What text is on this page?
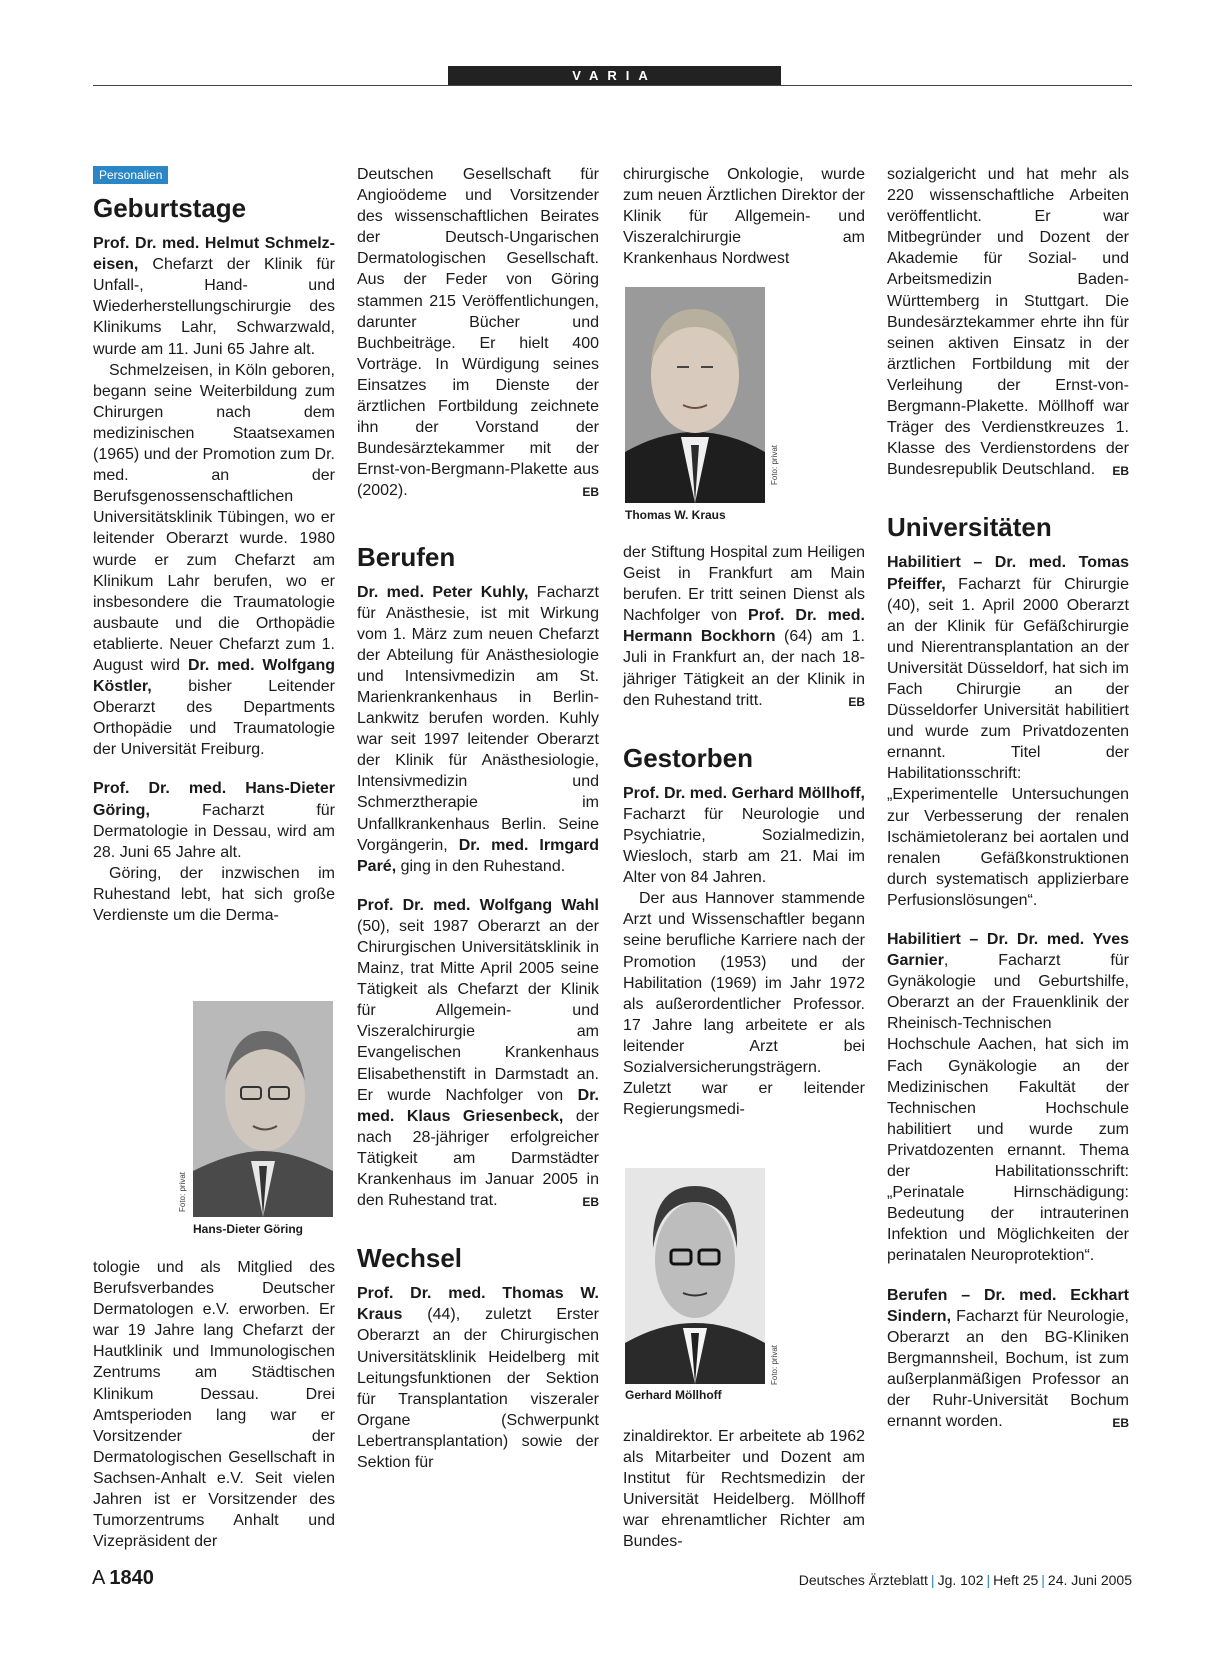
VARIA
Personalien
Geburtstage

Prof. Dr. med. Helmut Schmelz-eisen, Chefarzt der Klinik für Unfall-, Hand- und Wiederherstellungschirurgie des Klinikums Lahr, Schwarzwald, wurde am 11. Juni 65 Jahre alt.

Schmelzeisen, in Köln geboren, begann seine Weiterbildung zum Chirurgen nach dem medizinischen Staatsexamen (1965) und der Promotion zum Dr. med. an der Berufsgenossenschaftlichen Universitätsklinik Tübingen, wo er leitender Oberarzt wurde. 1980 wurde er zum Chefarzt am Klinikum Lahr berufen, wo er insbesondere die Traumatologie ausbaute und die Orthopädie etablierte. Neuer Chefarzt zum 1. August wird Dr. med. Wolfgang Köstler, bisher Leitender Oberarzt des Departments Orthopädie und Traumatologie der Universität Freiburg.

Prof. Dr. med. Hans-Dieter Göring, Facharzt für Dermatologie in Dessau, wird am 28. Juni 65 Jahre alt.

Göring, der inzwischen im Ruhestand lebt, hat sich große Verdienste um die Derma-

Foto: privat
Hans-Dieter Göring

tologie und als Mitglied des Berufsverbandes Deutscher Dermatologen e.V. erworben. Er war 19 Jahre lang Chefarzt der Hautklinik und Immunologischen Zentrums am Städtischen Klinikum Dessau. Drei Amtsperioden lang war er Vorsitzender der Dermatologischen Gesellschaft in Sachsen-Anhalt e.V. Seit vielen Jahren ist er Vorsitzender des Tumorzentrums Anhalt und Vizepräsident der

Deutschen Gesellschaft für Angioödeme und Vorsitzender des wissenschaftlichen Beirates der Deutsch-Ungarischen Dermatologischen Gesellschaft. Aus der Feder von Göring stammen 215 Veröffentlichungen, darunter Bücher und Buchbeiträge. Er hielt 400 Vorträge. In Würdigung seines Einsatzes im Dienste der ärztlichen Fortbildung zeichnete ihn der Vorstand der Bundesärztekammer mit der Ernst-von-Bergmann-Plakette aus (2002).	EB

Berufen

Dr. med. Peter Kuhly, Facharzt für Anästhesie, ist mit Wirkung vom 1. März zum neuen Chefarzt der Abteilung für Anästhesiologie und Intensivmedizin am St. Marienkrankenhaus in Berlin-Lankwitz berufen worden. Kuhly war seit 1997 leitender Oberarzt der Klinik für Anästhesiologie, Intensivmedizin und Schmerztherapie im Unfallkrankenhaus Berlin. Seine Vorgängerin, Dr. med. Irmgard Paré, ging in den Ruhestand.

Prof. Dr. med. Wolfgang Wahl (50), seit 1987 Oberarzt an der Chirurgischen Universitätsklinik in Mainz, trat Mitte April 2005 seine Tätigkeit als Chefarzt der Klinik für Allgemein- und Viszeralchirurgie am Evangelischen Krankenhaus Elisabethenstift in Darmstadt an. Er wurde Nachfolger von Dr. med. Klaus Griesenbeck, der nach 28-jähriger erfolgreicher Tätigkeit am Darmstädter Krankenhaus im Januar 2005 in den Ruhestand trat.	EB

Wechsel

Prof. Dr. med. Thomas W. Kraus (44), zuletzt Erster Oberarzt an der Chirurgischen Universitätsklinik Heidelberg mit Leitungsfunktionen der Sektion für Transplantation viszeraler Organe (Schwerpunkt Lebertransplantation) sowie der Sektion für

chirurgische Onkologie, wurde zum neuen Ärztlichen Direktor der Klinik für Allgemein- und Viszeralchirurgie am Krankenhaus Nordwest

Foto: privat
Thomas W. Kraus

der Stiftung Hospital zum Heiligen Geist in Frankfurt am Main berufen. Er tritt seinen Dienst als Nachfolger von Prof. Dr. med. Hermann Bockhorn (64) am 1. Juli in Frankfurt an, der nach 18-jähriger Tätigkeit an der Klinik in den Ruhestand tritt.	EB

Gestorben

Prof. Dr. med. Gerhard Möllhoff, Facharzt für Neurologie und Psychiatrie, Sozialmedizin, Wiesloch, starb am 21. Mai im Alter von 84 Jahren.

Der aus Hannover stammende Arzt und Wissenschaftler begann seine berufliche Karriere nach der Promotion (1953) und der Habilitation (1969) im Jahr 1972 als außerordentlicher Professor. 17 Jahre lang arbeitete er als leitender Arzt bei Sozialversicherungsträgern. Zuletzt war er leitender Regierungsmedi-

Foto: privat
Gerhard Möllhoff

zinaldirektor. Er arbeitete ab 1962 als Mitarbeiter und Dozent am Institut für Rechtsmedizin der Universität Heidelberg. Möllhoff war ehrenamtlicher Richter am Bundes-

sozialgericht und hat mehr als 220 wissenschaftliche Arbeiten veröffentlicht. Er war Mitbegründer und Dozent der Akademie für Sozial- und Arbeitsmedizin Baden-Württemberg in Stuttgart. Die Bundesärztekammer ehrte ihn für seinen aktiven Einsatz in der ärztlichen Fortbildung mit der Verleihung der Ernst-von-Bergmann-Plakette. Möllhoff war Träger des Verdienstkreuzes 1. Klasse des Verdienstordens der Bundesrepublik Deutschland. EB

Universitäten

Habilitiert – Dr. med. Tomas Pfeiffer, Facharzt für Chirurgie (40), seit 1. April 2000 Oberarzt an der Klinik für Gefäßchirurgie und Nierentransplantation an der Universität Düsseldorf, hat sich im Fach Chirurgie an der Düsseldorfer Universität habilitiert und wurde zum Privatdozenten ernannt. Titel der Habilitationsschrift: „Experimentelle Untersuchungen zur Verbesserung der renalen Ischämietoleranz bei aortalen und renalen Gefäßkonstruktionen durch systematisch applizierbare Perfusionslösungen“.

Habilitiert – Dr. Dr. med. Yves Garnier, Facharzt für Gynäkologie und Geburtshilfe, Oberarzt an der Frauenklinik der Rheinisch-Technischen Hochschule Aachen, hat sich im Fach Gynäkologie an der Medizinischen Fakultät der Technischen Hochschule habilitiert und wurde zum Privatdozenten ernannt. Thema der Habilitationsschrift: „Perinatale Hirnschädigung: Bedeutung der intrauterinen Infektion und Möglichkeiten der perinatalen Neuroprotektion“.

Berufen – Dr. med. Eckhart Sindern, Facharzt für Neurologie, Oberarzt an den BG-Kliniken Bergmannsheil, Bochum, ist zum außerplanmäßigen Professor an der Ruhr-Universität Bochum ernannt worden.	EB

A 1840	Deutsches Ärzteblatt | Jg. 102 | Heft 25 | 24. Juni 2005
